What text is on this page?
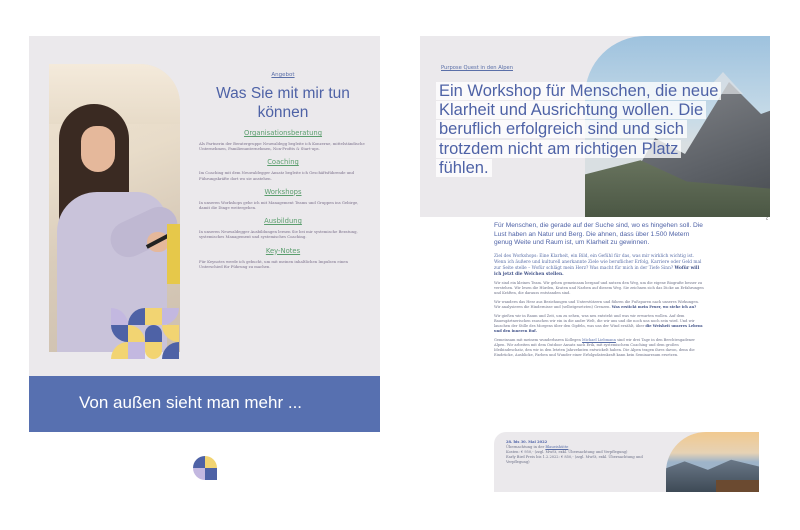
Angebot
Was Sie mit mir tun können
Organisationsberatung
Als Partnerin der Beratergruppe Neuwaldegg begleite ich Konzerne, mittelständische Unternehmen, Familienunternehmen, Non-Profits & Start-ups.
Coaching
Im Coaching mit dem Neuwaldegger Ansatz begleite ich Geschäftsführende und Führungskräfte dort wo sie anstehen.
Workshops
In unseren Workshops gehe ich mit Management Teams und Gruppen ins Gebirge, damit die Dinge weitergehen.
Ausbildung
In unseren Neuwaldegger Ausbildungen lernen Sie bei mir systemische Beratung, systemisches Management und systemisches Coaching.
Key-Notes
Für Keynotes werde ich gebucht, um mit meinen inhaltlichen Impulsen einen Unterschied für Führung zu machen.
Von außen sieht man mehr ...
Purpose Quest in den Alpen
Ein Workshop für Menschen, die neue Klarheit und Ausrichtung wollen. Die beruflich erfolgreich sind und sich trotzdem nicht am richtigen Platz fühlen.
c
Für Menschen, die gerade auf der Suche sind, wo es hingehen soll. Die Lust haben an Natur und Berg. Die ahnen, dass über 1.500 Metern genug Weite und Raum ist, um Klarheit zu gewinnen.
Ziel des Workshops: Eine Klarheit, ein Bild, ein Gefühl für das, was mir wirklich wichtig ist. Wenn ich äußere und kulturell anerkannte Ziele wie beruflicher Erfolg, Karriere oder Geld mal zur Seite stelle – Wofür schlägt mein Herz? Was macht für mich in der Tiefe Sinn? Wofür will ich jetzt die Weichen stellen.
Wir sind ein kleines Team. Wir gehen gemeinsam bergauf und nutzen den Weg, um die eigene Biografie besser zu verstehen. Wir lesen die Hürden, Kraten und Narben auf diesem Weg. Sie zeichnen sich das Dicke an Erfahrungen und Kräften, die darauss entstanden sind.
Wir wandern das Herz aus Beziehungen und Unterstützern und führen die Fußspuren nach unseres Wirkungen.
Wir analysieren die Hindernisse und (selbstgesetzten) Grenzen. Was erstickt mein Feuer, wo stehe ich an?
Wir gießen wir in Raum und Zeit, um zu sehen, was neu entsteht und was wir erwarten wollen. Auf dem Bauesgärtnerischen rauschen wir ein in die andre Welt, die wir uns und die noch uns noch sein wird. Und wir lauschen der Stille des Morgens über den Gipfeln, was uns der Wind erzählt, über die Weisheit unseres Lebens und den inneren Ruf.
Gemeinsam mit meinem wunderbaren Kollegen Michael Liebmann sind wir drei Tage in den Berchtesgadener Alpen. Wir arbeiten mit dem Outdoor Ansatz nach Erik, mit systemischem Coaching und dem großen Ideibindeschatz, den wir in den letzten Jahrzehnten entwickelt haben. Die Alpen tragen ihres davon, denn die Eindrücke, Ausblicke, Farben und Wunder einer Erfolgsdatenkraft kann kein Seminarraum ersetzen.
28. bis 30. Mai 2022
Übernachtung in der Blaueishütte
Kosten: € 950,- (zzgl. MwSt, exkl. Übernachtung und Verpflegung)
Early Bird Preis bis 1.2.2022: € 850,- (zzgl. MwSt, exkl. Übernachtung und Verpflegung)
